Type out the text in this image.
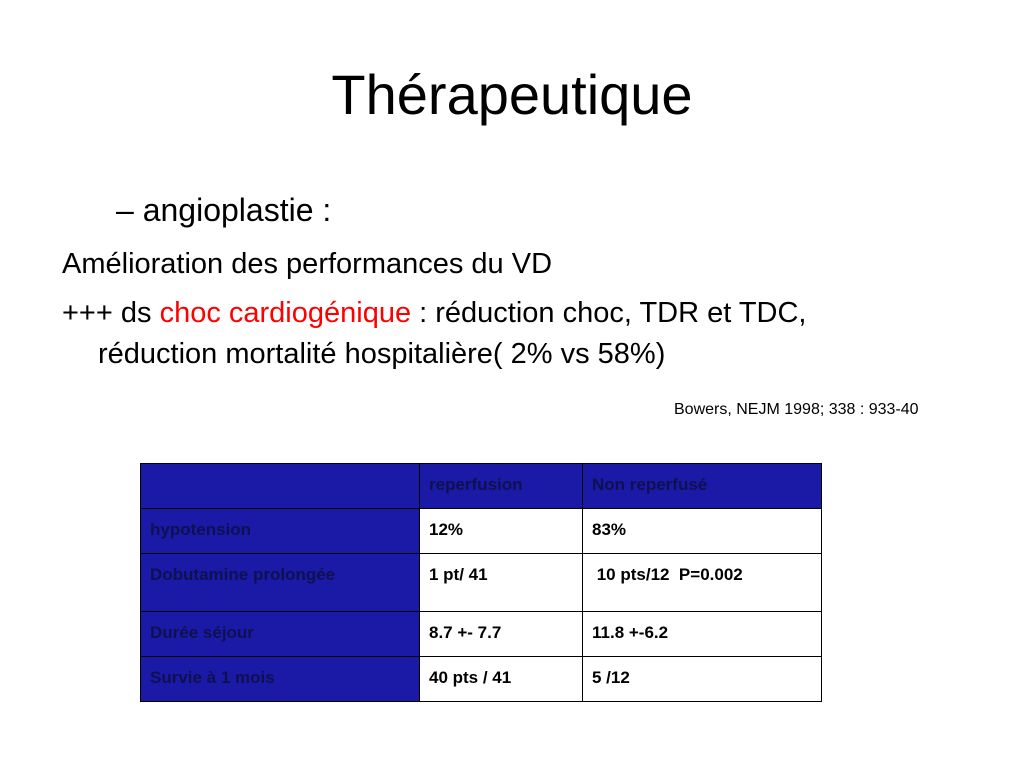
Thérapeutique
– angioplastie :
Amélioration des performances du VD
+++ ds choc cardiogénique : réduction choc, TDR et TDC,
réduction mortalité hospitalière( 2% vs 58%)
Bowers, NEJM 1998; 338 : 933-40
	reperfusion	Non reperfusé
hypotension	12%	83%
Dobutamine prolongée	1 pt/ 41	10 pts/12  P=0.002
Durée séjour	8.7 +- 7.7	11.8 +-6.2
Survie à 1 mois	40 pts / 41	5 /12
